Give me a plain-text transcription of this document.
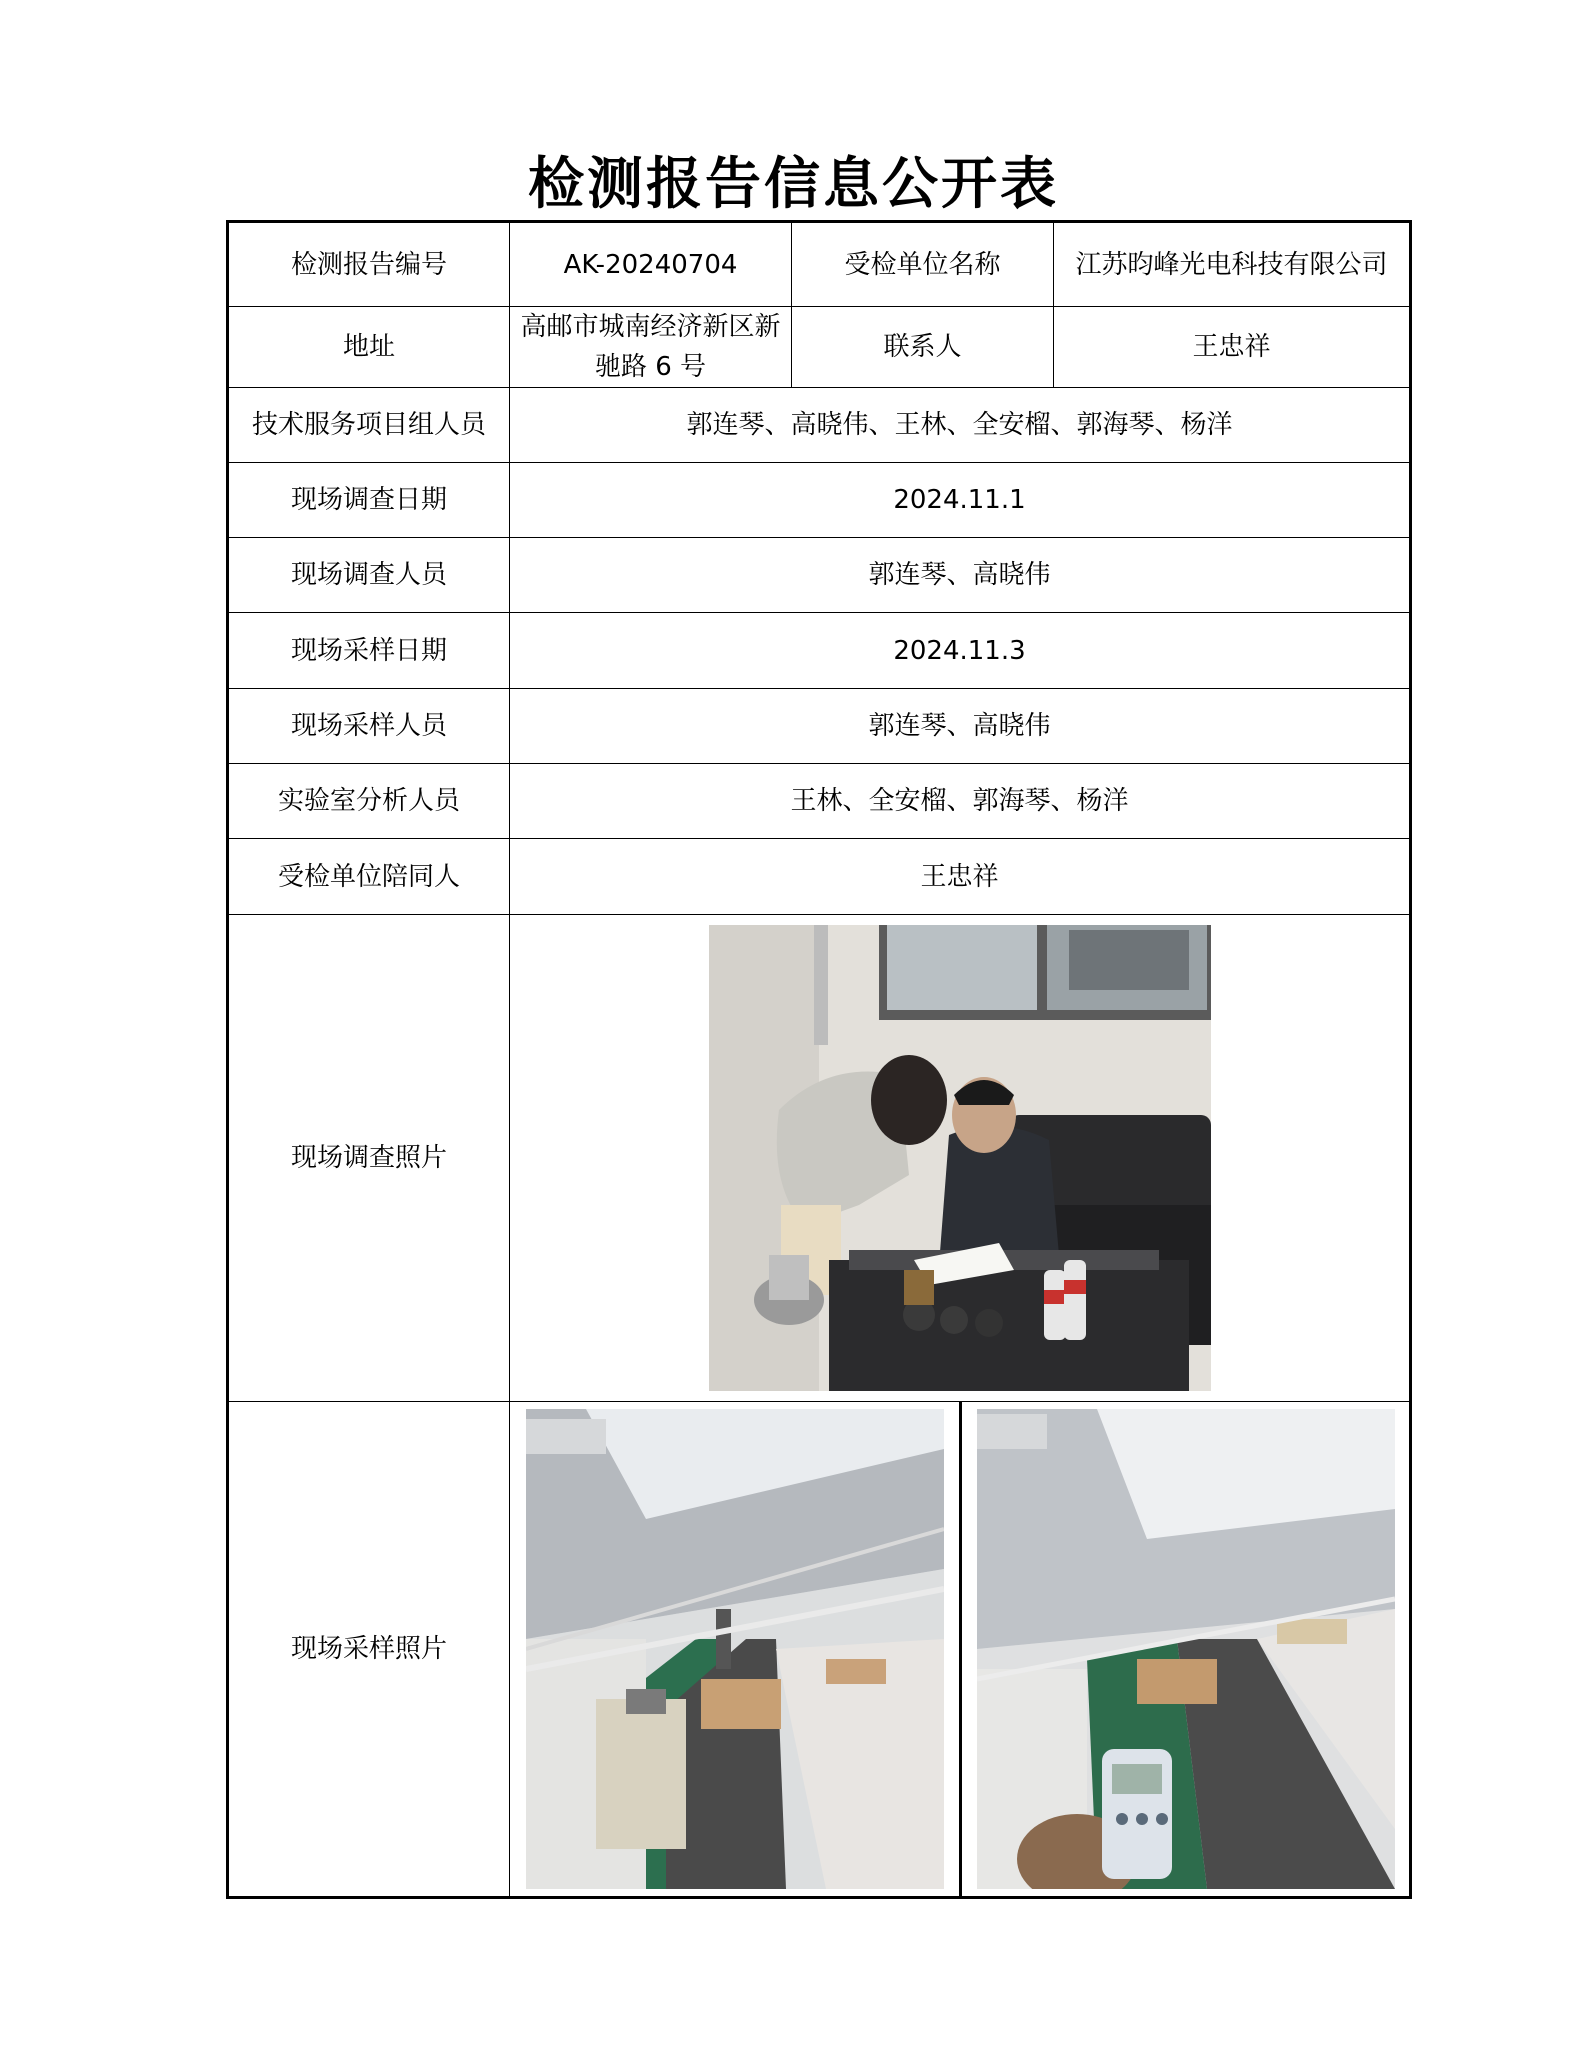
检测报告信息公开表
检测报告编号	AK-20240704	受检单位名称	江苏昀峰光电科技有限公司
地址	高邮市城南经济新区新驰路 6 号	联系人	王忠祥
技术服务项目组人员	郭连琴、高晓伟、王林、全安榴、郭海琴、杨洋		
现场调查日期	2024.11.1		
现场调查人员	郭连琴、高晓伟		
现场采样日期	2024.11.3		
现场采样人员	郭连琴、高晓伟		
实验室分析人员	王林、全安榴、郭海琴、杨洋		
受检单位陪同人	王忠祥		
现场调查照片	

现场采样照片	
